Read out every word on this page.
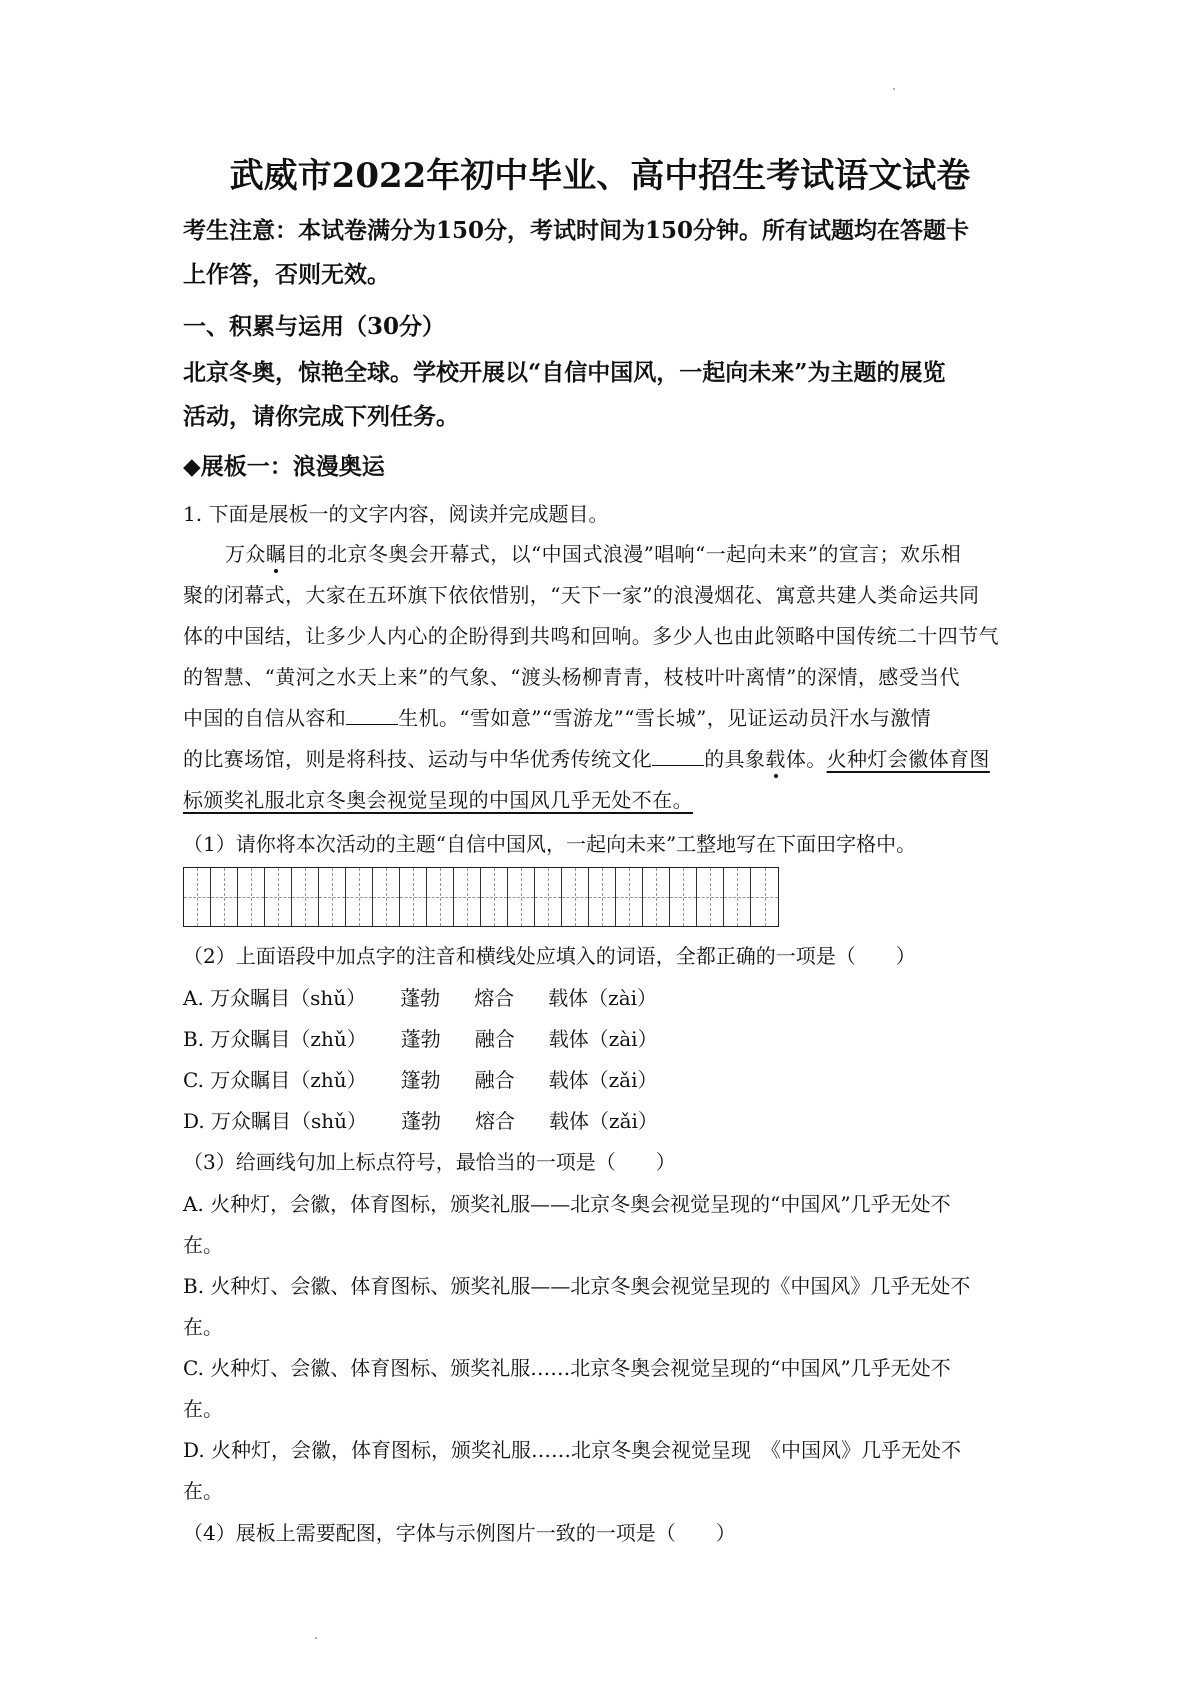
武威市2022年初中毕业、高中招生考试语文试卷
考生注意：本试卷满分为150分，考试时间为150分钟。所有试题均在答题卡
上作答，否则无效。
一、积累与运用（30分）
北京冬奥，惊艳全球。学校开展以“自信中国风，一起向未来”为主题的展览
活动，请你完成下列任务。
◆展板一：浪漫奥运
1. 下面是展板一的文字内容，阅读并完成题目。
万众瞩目的北京冬奥会开幕式，以“中国式浪漫”唱响“一起向未来”的宣言；欢乐相
聚的闭幕式，大家在五环旗下依依惜别，“天下一家”的浪漫烟花、寓意共建人类命运共同
体的中国结，让多少人内心的企盼得到共鸣和回响。多少人也由此领略中国传统二十四节气
的智慧、“黄河之水天上来”的气象、“渡头杨柳青青，枝枝叶叶离情”的深情，感受当代
中国的自信从容和	生机。“雪如意”“雪游龙”“雪长城”，见证运动员汗水与激情
的比赛场馆，则是将科技、运动与中华优秀传统文化	的具象载体。火种灯会徽体育图
标颁奖礼服北京冬奥会视觉呈现的中国风几乎无处不在。
（1）请你将本次活动的主题“自信中国风，一起向未来”工整地写在下面田字格中。
（2）上面语段中加点字的注音和横线处应填入的词语，全都正确的一项是（　　）
A. 万众瞩目（shǔ） 蓬勃 熔合 载体（zài）
B. 万众瞩目（zhǔ） 蓬勃 融合 载体（zài）
C. 万众瞩目（zhǔ） 篷勃 融合 载体（zǎi）
D. 万众瞩目（shǔ） 蓬勃 熔合 载体（zǎi）
（3）给画线句加上标点符号，最恰当的一项是（　　）
A. 火种灯，会徽，体育图标，颁奖礼服——北京冬奥会视觉呈现的“中国风”几乎无处不
在。
B. 火种灯、会徽、体育图标、颁奖礼服——北京冬奥会视觉呈现的《中国风》几乎无处不
在。
C. 火种灯、会徽、体育图标、颁奖礼服……北京冬奥会视觉呈现的“中国风”几乎无处不
在。
D. 火种灯，会徽，体育图标，颁奖礼服……北京冬奥会视觉呈现　《中国风》几乎无处不
在。
（4）展板上需要配图，字体与示例图片一致的一项是（　　）
